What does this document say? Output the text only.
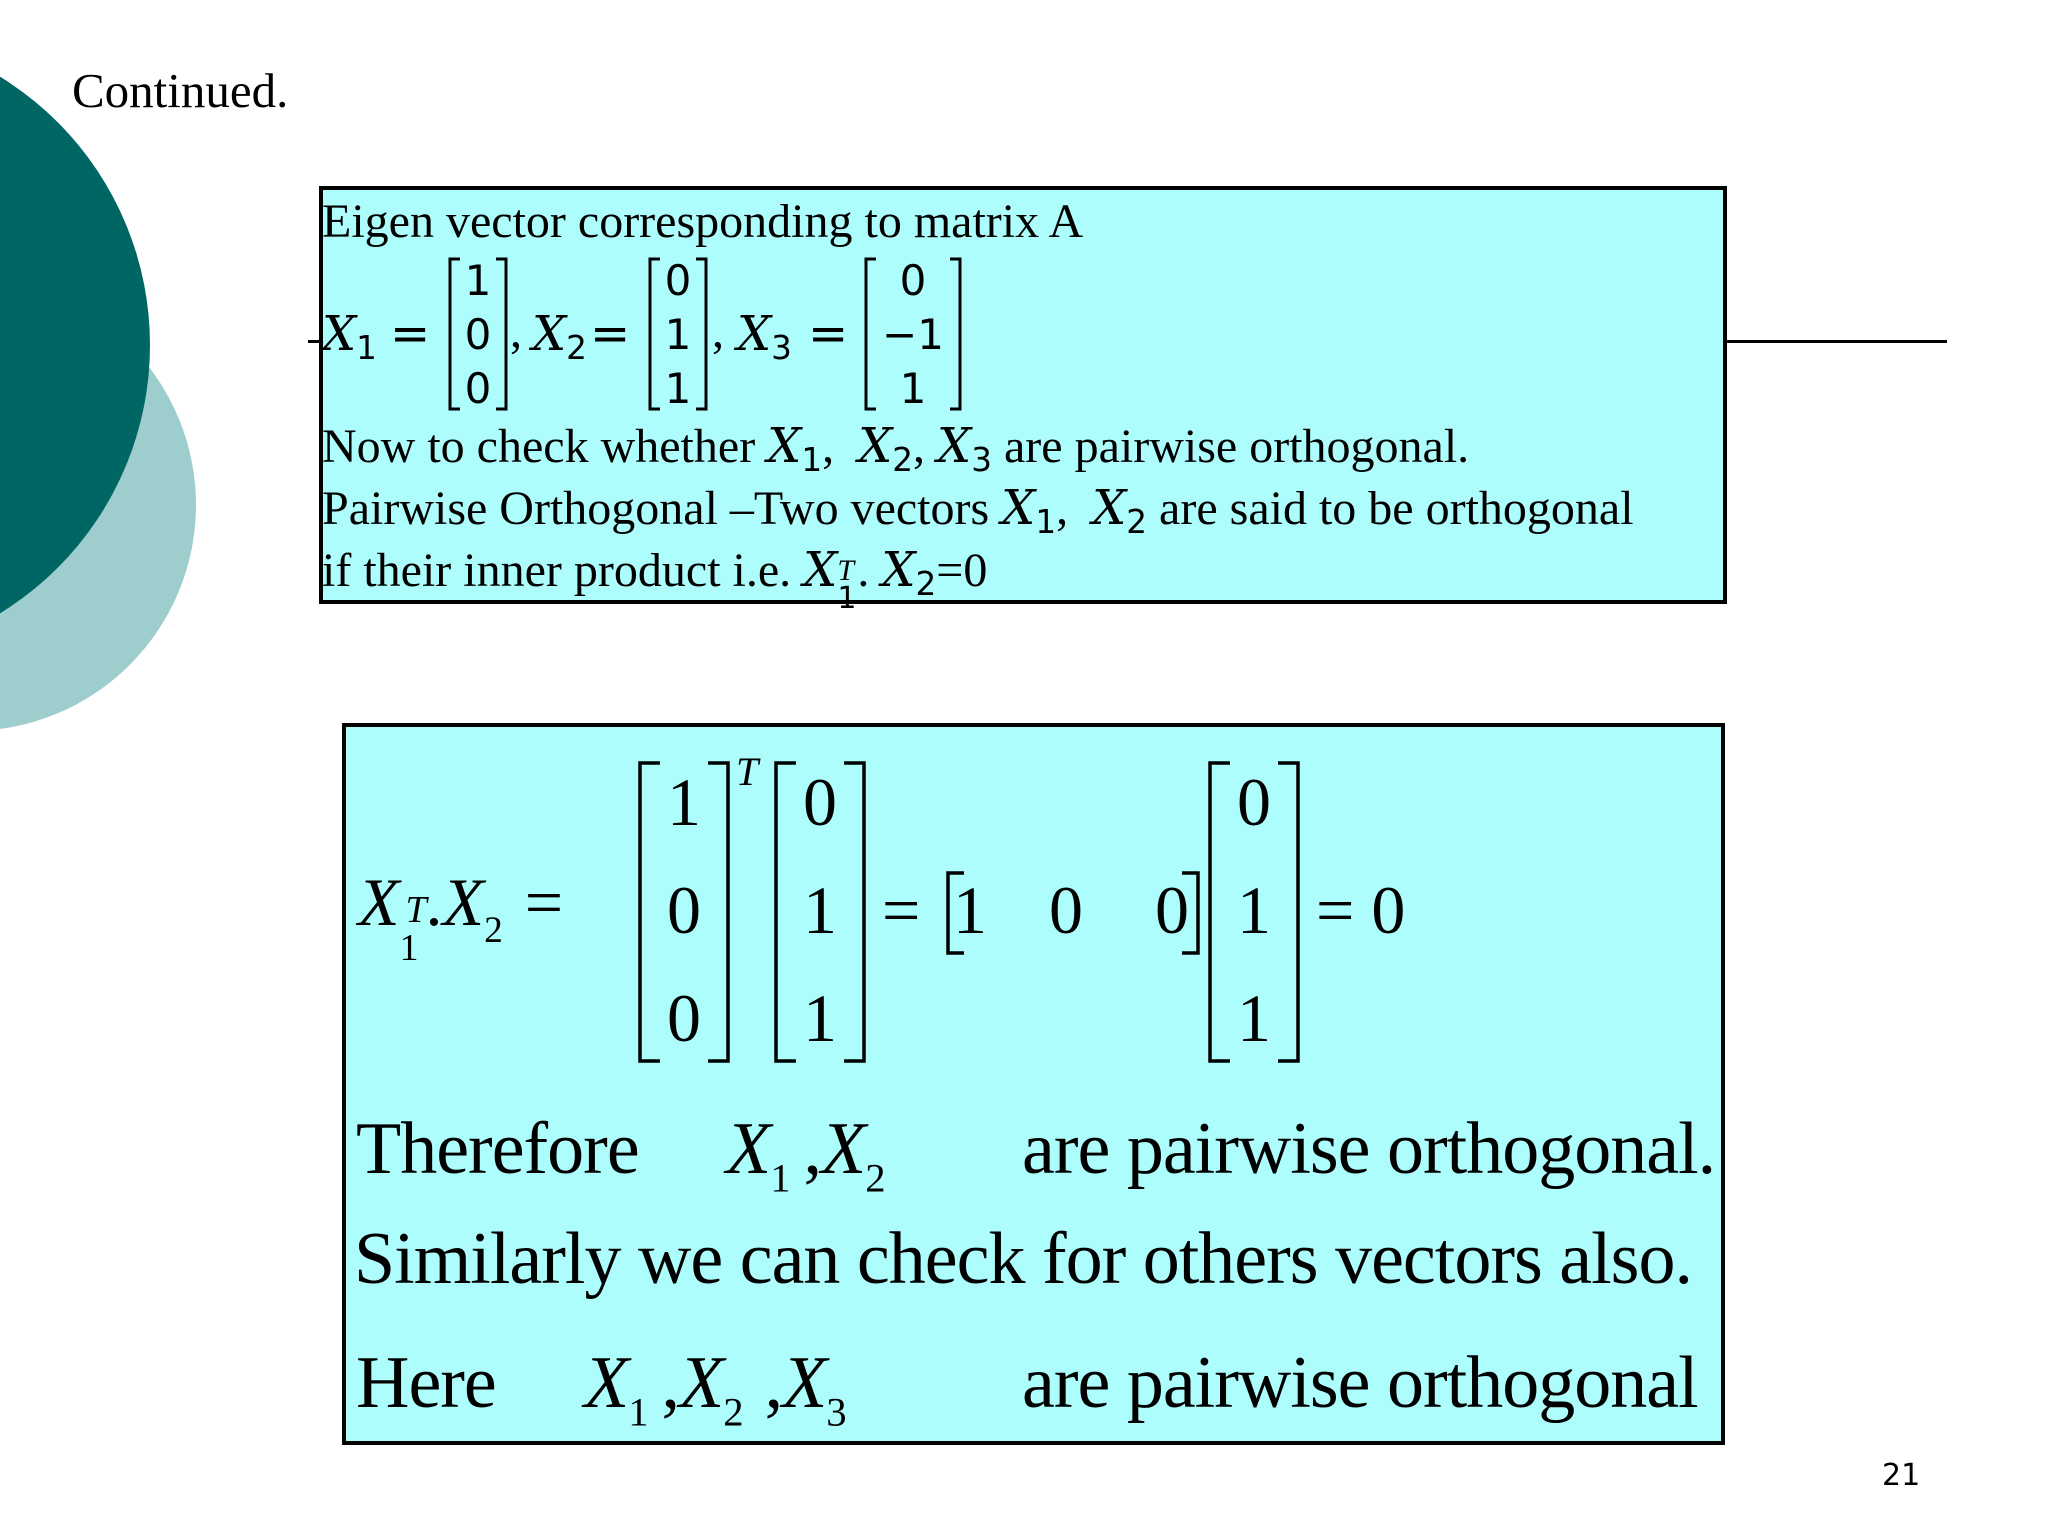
Continued.
Eigen vector corresponding to matrix A
$X_1$ =
1
0
0
, $X_2$ =
0
1
1
, $X_3$ =
0
−1
1
Now to check whether $X_1$, $X_2$, $X_3$ are pairwise orthogonal.
Pairwise Orthogonal –Two vectors $X_1$, $X_2$ are said to be orthogonal
if their inner product i.e. X T
1
. $X_2=0$
X T
1
$.X_2$ =
1
0
0
T 0
1
1
= 1 0 0
0
1
1
= 0
Therefore $X_1$ $,X_2$ are pairwise orthogonal.
Similarly we can check for others vectors also.
Here $X_1$ $,X_2$ $,X_3$ are pairwise orthogonal
21
